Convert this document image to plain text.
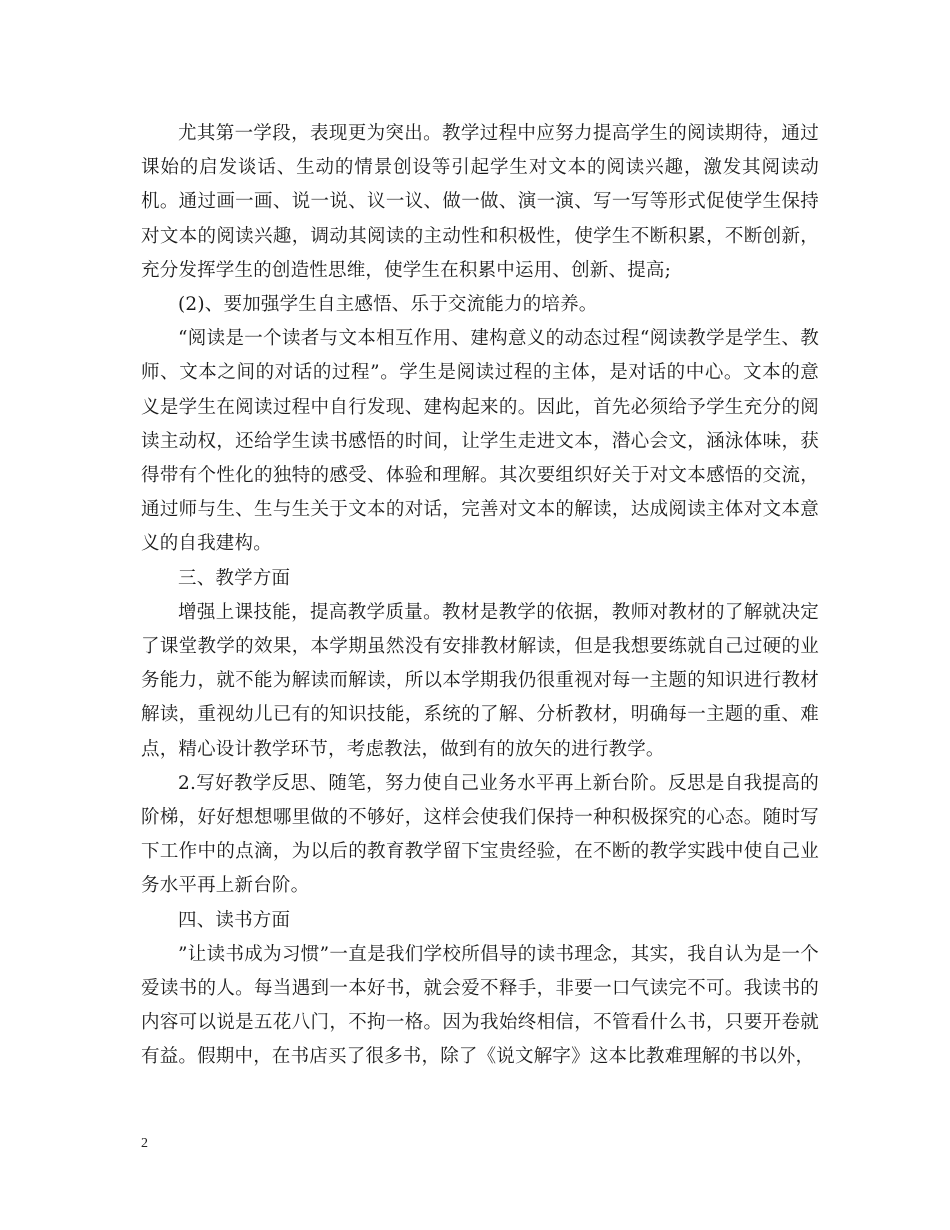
尤其第一学段，表现更为突出。教学过程中应努力提高学生的阅读期待，通过课始的启发谈话、生动的情景创设等引起学生对文本的阅读兴趣，激发其阅读动机。通过画一画、说一说、议一议、做一做、演一演、写一写等形式促使学生保持对文本的阅读兴趣，调动其阅读的主动性和积极性，使学生不断积累，不断创新，充分发挥学生的创造性思维，使学生在积累中运用、创新、提高;

(2)、要加强学生自主感悟、乐于交流能力的培养。

“阅读是一个读者与文本相互作用、建构意义的动态过程“阅读教学是学生、教师、文本之间的对话的过程”。学生是阅读过程的主体，是对话的中心。文本的意义是学生在阅读过程中自行发现、建构起来的。因此，首先必须给予学生充分的阅读主动权，还给学生读书感悟的时间，让学生走进文本，潜心会文，涵泳体味，获得带有个性化的独特的感受、体验和理解。其次要组织好关于对文本感悟的交流，通过师与生、生与生关于文本的对话，完善对文本的解读，达成阅读主体对文本意义的自我建构。

三、教学方面

增强上课技能，提高教学质量。教材是教学的依据，教师对教材的了解就决定了课堂教学的效果，本学期虽然没有安排教材解读，但是我想要练就自己过硬的业务能力，就不能为解读而解读，所以本学期我仍很重视对每一主题的知识进行教材解读，重视幼儿已有的知识技能，系统的了解、分析教材，明确每一主题的重、难点，精心设计教学环节，考虑教法，做到有的放矢的进行教学。

2.写好教学反思、随笔，努力使自己业务水平再上新台阶。反思是自我提高的阶梯，好好想想哪里做的不够好，这样会使我们保持一种积极探究的心态。随时写下工作中的点滴，为以后的教育教学留下宝贵经验，在不断的教学实践中使自己业务水平再上新台阶。

四、读书方面

”让读书成为习惯”一直是我们学校所倡导的读书理念，其实，我自认为是一个爱读书的人。每当遇到一本好书，就会爱不释手，非要一口气读完不可。我读书的内容可以说是五花八门，不拘一格。因为我始终相信，不管看什么书，只要开卷就有益。假期中，在书店买了很多书，除了《说文解字》这本比教难理解的书以外，

2
